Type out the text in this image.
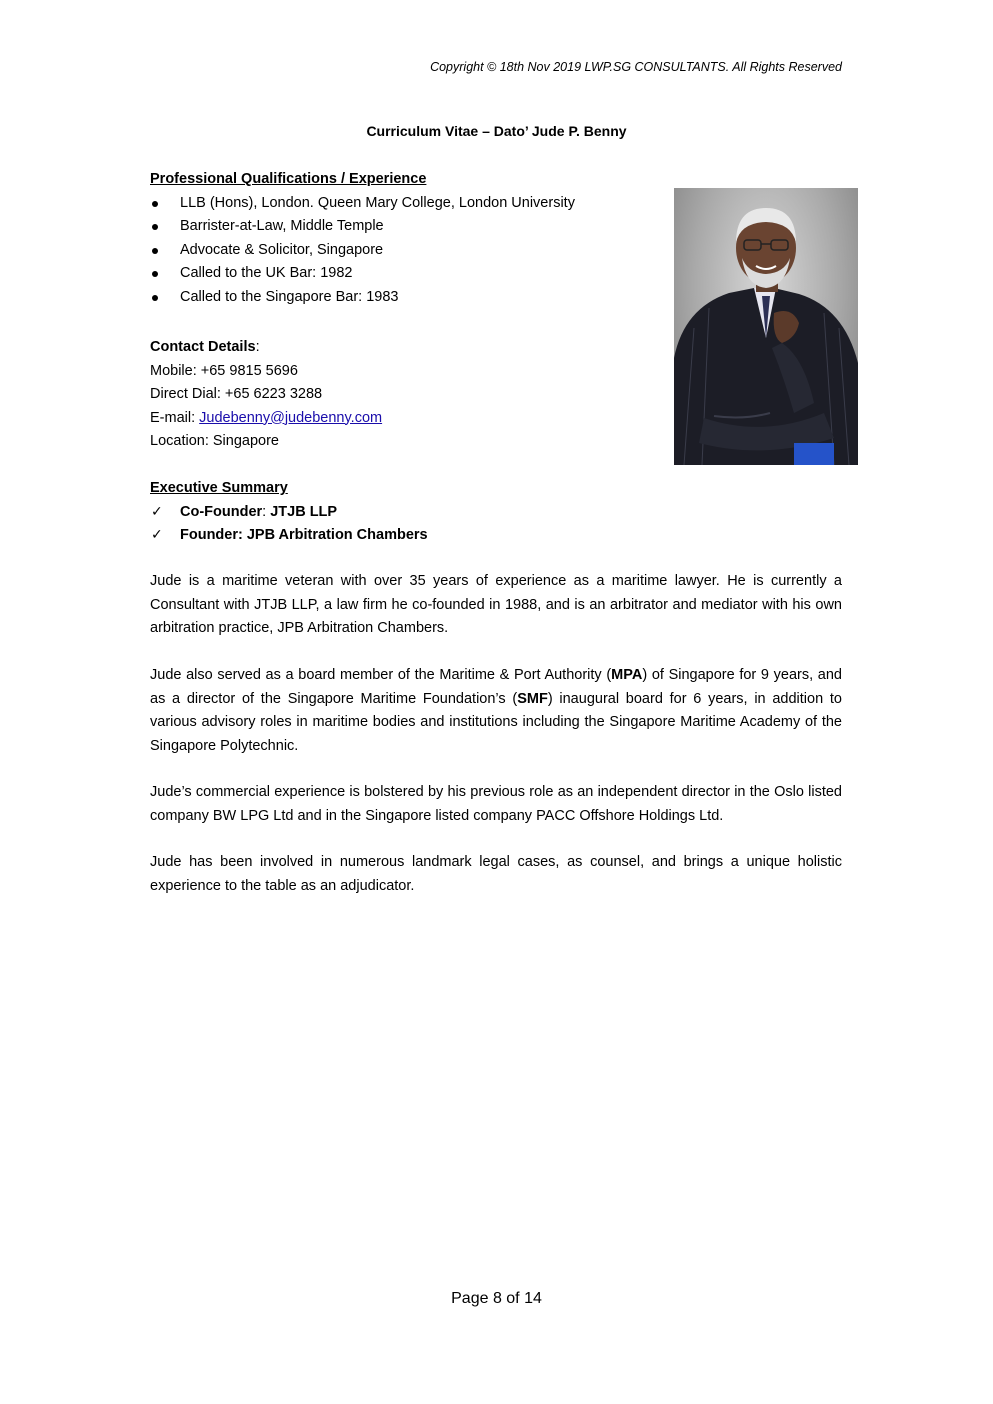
Copyright © 18th Nov 2019 LWP.SG CONSULTANTS. All Rights Reserved
Curriculum Vitae – Dato’ Jude P. Benny
Professional Qualifications / Experience
LLB (Hons), London. Queen Mary College, London University
Barrister-at-Law, Middle Temple
Advocate & Solicitor, Singapore
Called to the UK Bar: 1982
Called to the Singapore Bar: 1983
Contact Details:
Mobile: +65 9815 5696
Direct Dial: +65 6223 3288
E-mail: Judebenny@judebenny.com
Location: Singapore
Executive Summary
✓ Co-Founder: JTJB LLP
✓ Founder: JPB Arbitration Chambers
Jude is a maritime veteran with over 35 years of experience as a maritime lawyer. He is currently a Consultant with JTJB LLP, a law firm he co-founded in 1988, and is an arbitrator and mediator with his own arbitration practice, JPB Arbitration Chambers.
Jude also served as a board member of the Maritime & Port Authority (MPA) of Singapore for 9 years, and as a director of the Singapore Maritime Foundation’s (SMF) inaugural board for 6 years, in addition to various advisory roles in maritime bodies and institutions including the Singapore Maritime Academy of the Singapore Polytechnic.
Jude’s commercial experience is bolstered by his previous role as an independent director in the Oslo listed company BW LPG Ltd and in the Singapore listed company PACC Offshore Holdings Ltd.
Jude has been involved in numerous landmark legal cases, as counsel, and brings a unique holistic experience to the table as an adjudicator.
Page 8 of 14
